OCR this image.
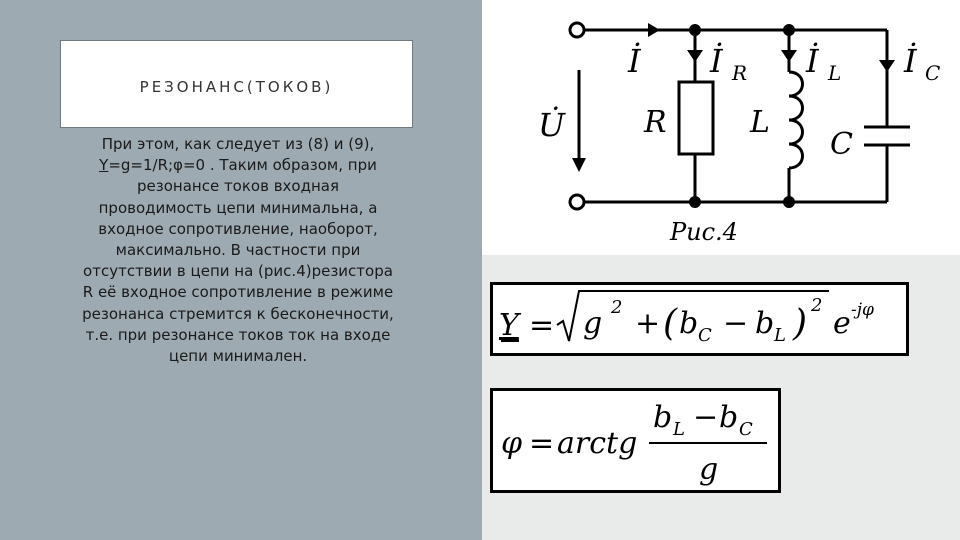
РЕЗОНАНС(ТОКОВ)
При этом, как следует из (8) и (9), Y=g=1/R;φ=0 . Таким образом, при резонансе токов входная проводимость цепи минимальна, а входное сопротивление, наоборот, максимально. В частности при отсутствии в цепи на (рис.4)резистора R её входное сопротивление в режиме резонанса стремится к бесконечности, т.е. при резонансе токов ток на входе цепи минимален.
İ İ R İ L İ C
U̇	R	L
C
Рис.4
Y = g 2 + ( b C − b L ) 2
e -jφ
φ = arctg
b L − b C
g
